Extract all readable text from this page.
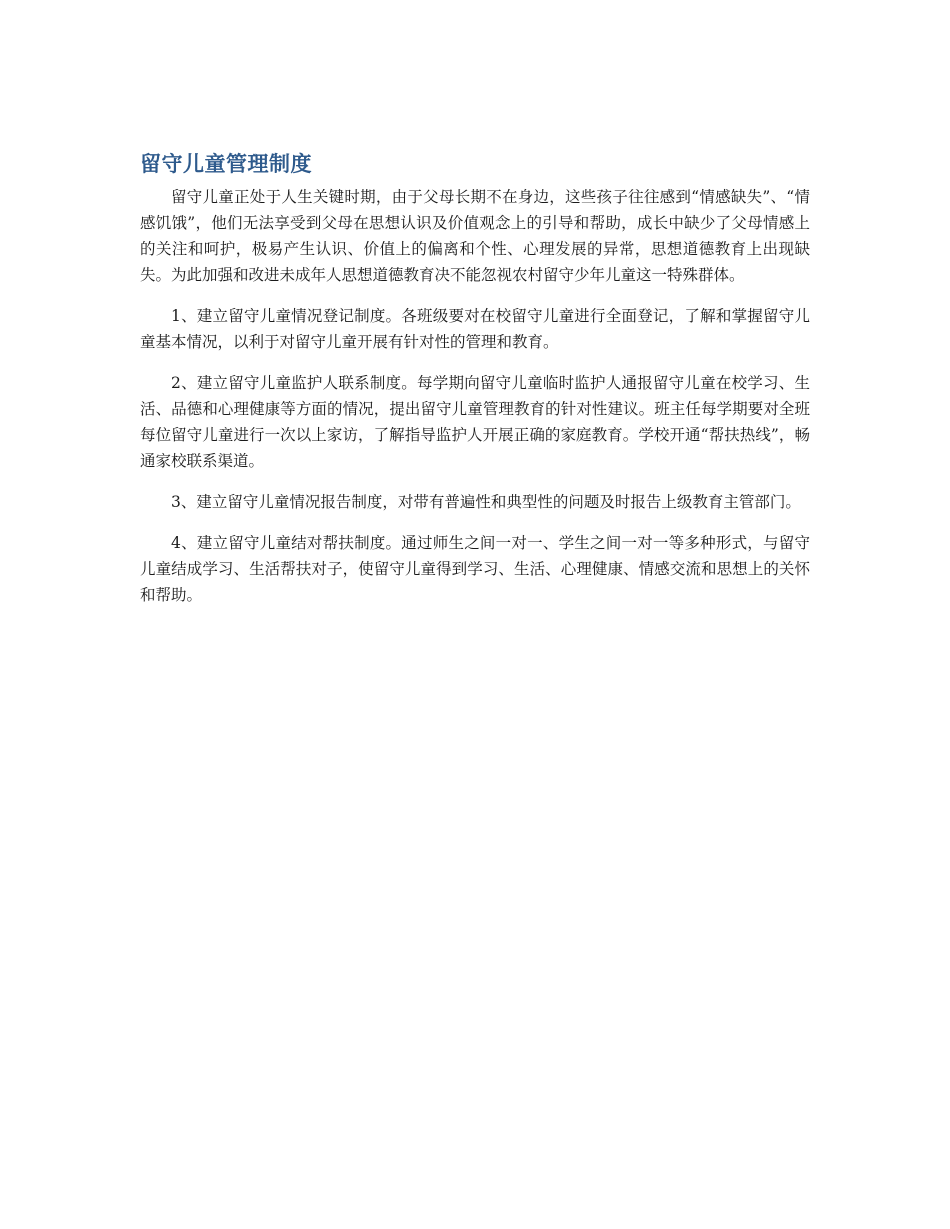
留守儿童管理制度

留守儿童正处于人生关键时期，由于父母长期不在身边，这些孩子往往感到“情感缺失”、“情感饥饿”，他们无法享受到父母在思想认识及价值观念上的引导和帮助，成长中缺少了父母情感上的关注和呵护，极易产生认识、价值上的偏离和个性、心理发展的异常，思想道德教育上出现缺失。为此加强和改进未成年人思想道德教育决不能忽视农村留守少年儿童这一特殊群体。

1、建立留守儿童情况登记制度。各班级要对在校留守儿童进行全面登记，了解和掌握留守儿童基本情况，以利于对留守儿童开展有针对性的管理和教育。

2、建立留守儿童监护人联系制度。每学期向留守儿童临时监护人通报留守儿童在校学习、生活、品德和心理健康等方面的情况，提出留守儿童管理教育的针对性建议。班主任每学期要对全班每位留守儿童进行一次以上家访，了解指导监护人开展正确的家庭教育。学校开通“帮扶热线”，畅通家校联系渠道。

3、建立留守儿童情况报告制度，对带有普遍性和典型性的问题及时报告上级教育主管部门。

4、建立留守儿童结对帮扶制度。通过师生之间一对一、学生之间一对一等多种形式，与留守儿童结成学习、生活帮扶对子，使留守儿童得到学习、生活、心理健康、情感交流和思想上的关怀和帮助。
